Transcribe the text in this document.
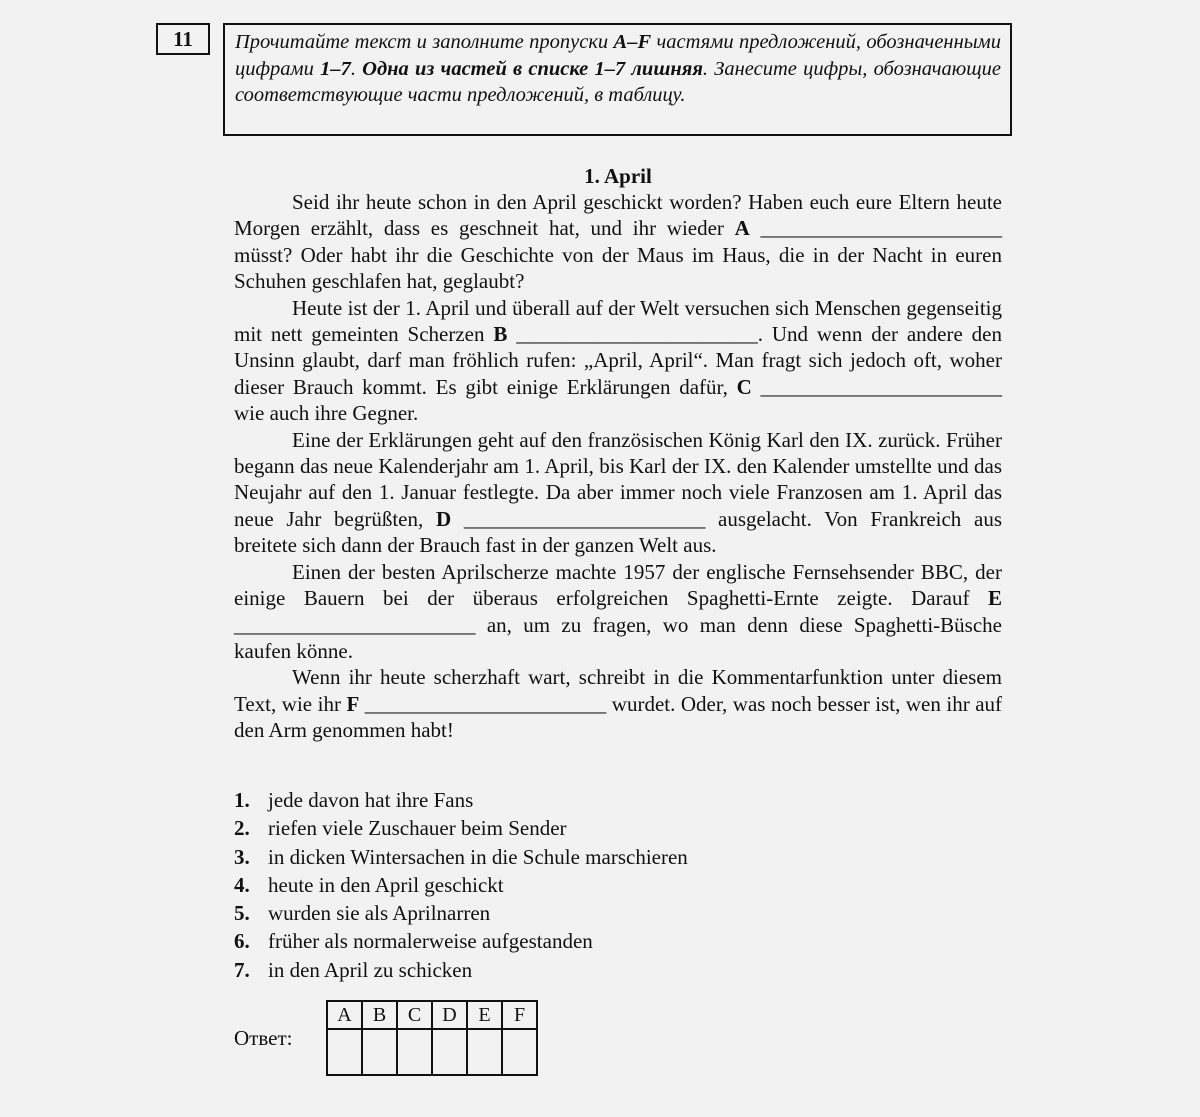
11	Прочитайте текст и заполните пропуски A–F частями предложений, обозначенными цифрами 1–7. Одна из частей в списке 1–7 лишняя. Занесите цифры, обозначающие соответствующие части предложений, в таблицу.
1. April

Seid ihr heute schon in den April geschickt worden? Haben euch eure Eltern heute Morgen erzählt, dass es geschneit hat, und ihr wieder A _______________________ müsst? Oder habt ihr die Geschichte von der Maus im Haus, die in der Nacht in euren Schuhen geschlafen hat, geglaubt?

Heute ist der 1. April und überall auf der Welt versuchen sich Menschen gegenseitig mit nett gemeinten Scherzen B _______________________. Und wenn der andere den Unsinn glaubt, darf man fröhlich rufen: „April, April“. Man fragt sich jedoch oft, woher dieser Brauch kommt. Es gibt einige Erklärungen dafür, C _______________________ wie auch ihre Gegner.

Eine der Erklärungen geht auf den französischen König Karl den IX. zurück. Früher begann das neue Kalenderjahr am 1. April, bis Karl der IX. den Kalender umstellte und das Neujahr auf den 1. Januar festlegte. Da aber immer noch viele Franzosen am 1. April das neue Jahr begrüßten, D _______________________ ausgelacht. Von Frankreich aus breitete sich dann der Brauch fast in der ganzen Welt aus.

Einen der besten Aprilscherze machte 1957 der englische Fernsehsender BBC, der einige Bauern bei der überaus erfolgreichen Spaghetti-Ernte zeigte. Darauf E _______________________ an, um zu fragen, wo man denn diese Spaghetti-Büsche kaufen könne.

Wenn ihr heute scherzhaft wart, schreibt in die Kommentarfunktion unter diesem Text, wie ihr F _______________________ wurdet. Oder, was noch besser ist, wen ihr auf den Arm genommen habt!

1. jede davon hat ihre Fans
2. riefen viele Zuschauer beim Sender
3. in dicken Wintersachen in die Schule marschieren
4. heute in den April geschickt
5. wurden sie als Aprilnarren
6. früher als normalerweise aufgestanden
7. in den April zu schicken
Ответ:
A	B	C	D	E	F
